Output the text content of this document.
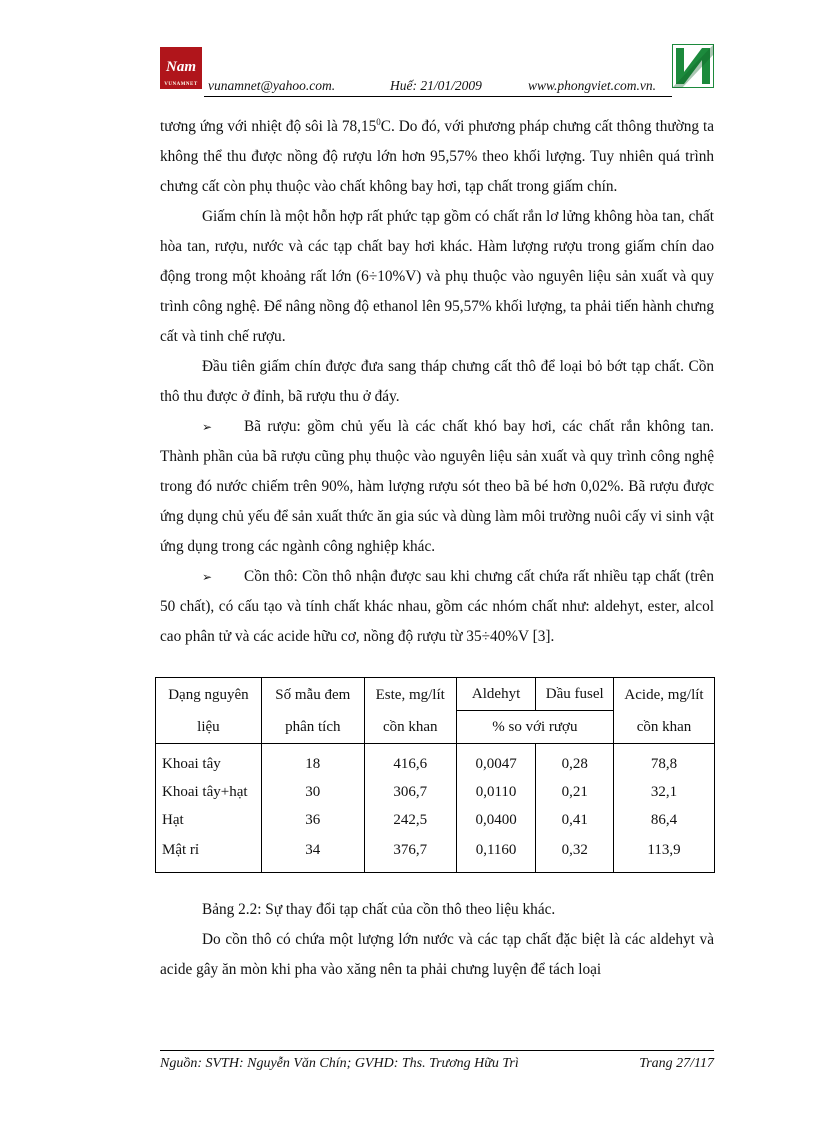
Nam
VUNAMNET vunamnet@yahoo.com.	Huế: 21/01/2009	www.phongviet.com.vn.

tương ứng với nhiệt độ sôi là 78,15$^0$C. Do đó, với phương pháp chưng cất thông thường ta không thể thu được nồng độ rượu lớn hơn 95,57% theo khối lượng. Tuy nhiên quá trình chưng cất còn phụ thuộc vào chất không bay hơi, tạp chất trong giấm chín.

Giấm chín là một hỗn hợp rất phức tạp gồm có chất rắn lơ lửng không hòa tan, chất hòa tan, rượu, nước và các tạp chất bay hơi khác. Hàm lượng rượu trong giấm chín dao động trong một khoảng rất lớn (6÷10%V) và phụ thuộc vào nguyên liệu sản xuất và quy trình công nghệ. Để nâng nồng độ ethanol lên 95,57% khối lượng, ta phải tiến hành chưng cất và tinh chế rượu.

Đầu tiên giấm chín được đưa sang tháp chưng cất thô để loại bỏ bớt tạp chất. Cồn thô thu được ở đỉnh, bã rượu thu ở đáy.

➢ Bã rượu: gồm chủ yếu là các chất khó bay hơi, các chất rắn không tan. Thành phần của bã rượu cũng phụ thuộc vào nguyên liệu sản xuất và quy trình công nghệ trong đó nước chiếm trên 90%, hàm lượng rượu sót theo bã bé hơn 0,02%. Bã rượu được ứng dụng chủ yếu để sản xuất thức ăn gia súc và dùng làm môi trường nuôi cấy vi sinh vật ứng dụng trong các ngành công nghiệp khác.

➢ Cồn thô: Cồn thô nhận được sau khi chưng cất chứa rất nhiều tạp chất (trên 50 chất), có cấu tạo và tính chất khác nhau, gồm các nhóm chất như: aldehyt, ester, alcol cao phân tử và các acide hữu cơ, nồng độ rượu từ 35÷40%V [3].

Dạng nguyên liệu	Số mẫu đem phân tích	Este, mg/lít cồn khan	Aldehyt	Dầu fusel	Acide, mg/lít cồn khan

			% so với rượu		
Khoai tây	18	416,6	0,0047	0,28	78,8
Khoai tây+hạt	30	306,7	0,0110	0,21	32,1
Hạt	36	242,5	0,0400	0,41	86,4
Mật rỉ	34	376,7	0,1160	0,32	113,9
Bảng 2.2: Sự thay đổi tạp chất của cồn thô theo liệu khác.
Do cồn thô có chứa một lượng lớn nước và các tạp chất đặc biệt là các aldehyt và acide gây ăn mòn khi pha vào xăng nên ta phải chưng luyện để tách loại
Nguồn: SVTH: Nguyễn Văn Chín; GVHD: Ths. Trương Hữu Trì	Trang 27/117
